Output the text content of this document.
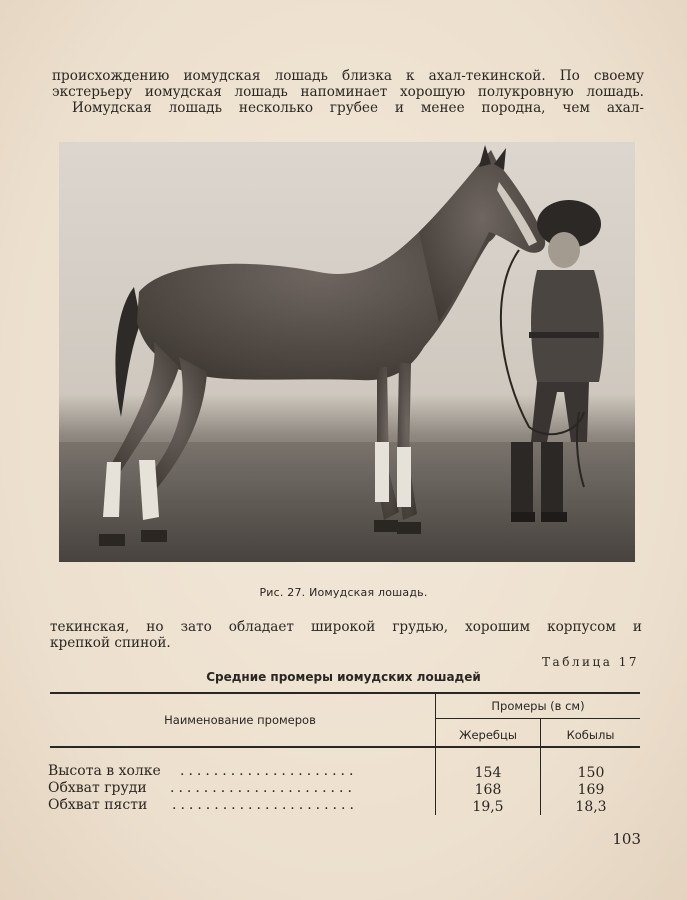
происхождению иомудская лошадь близка к ахал-текинской. По своему
экстерьеру иомудская лошадь напоминает хорошую полукровную лошадь.
Иомудская лошадь несколько грубее и менее породна, чем ахал-
Рис. 27. Иомудская лошадь.
текинская, но зато обладает широкой грудью, хорошим корпусом и
крепкой спиной.
Таблица 17
Средние промеры иомудских лошадей
Наименование промеров
Промеры (в см)
Жеребцы	Кобылы
Высота в холке .....................	154	150
Обхват груди ......................	168	169
Обхват пясти ......................	19,5	18,3
103
